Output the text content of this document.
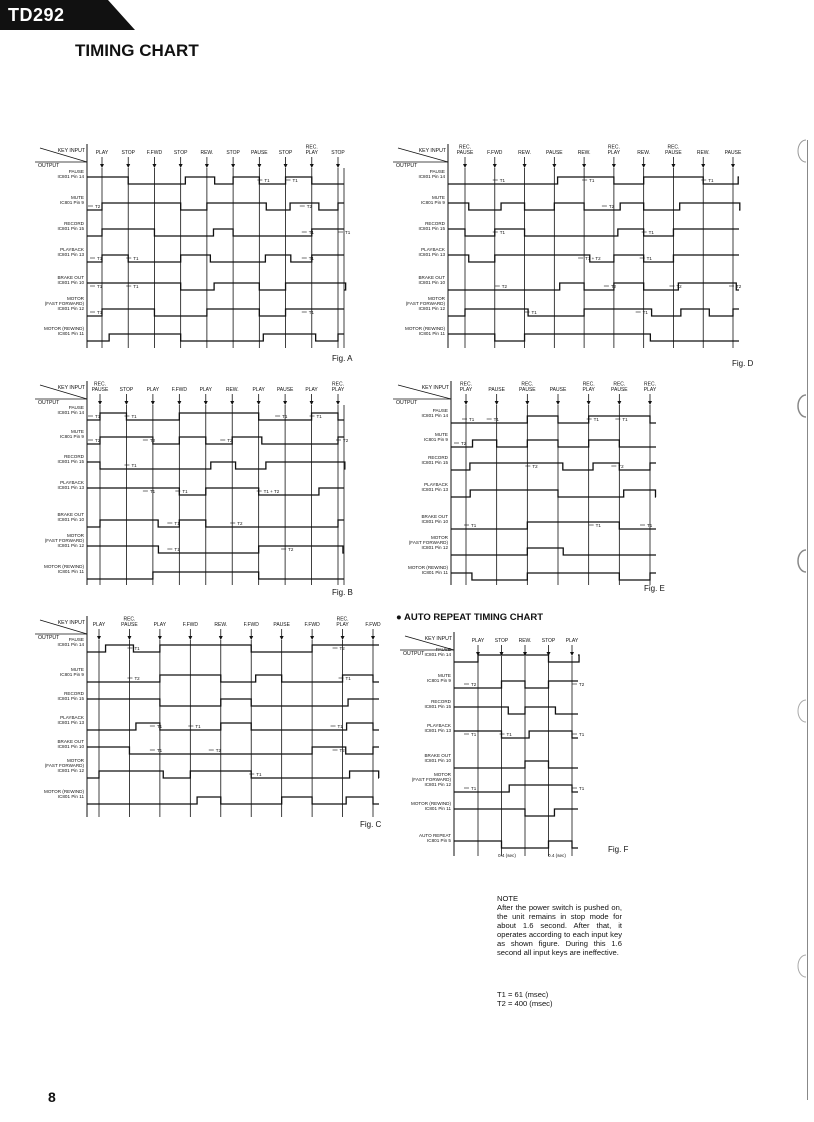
TD292
TIMING CHART
KEY INPUT
OUTPUT
PLAY	STOP F.FWD STOP	REW.	STOP PAUSE STOP
REC.
PLAY	STOP
PAUSE
IC801 Pin 14
MUTE
IC801 Pin 9
RECORD
IC801 Pin 15
PLAYBACK
IC801 Pin 13
BRAKE OUT
IC801 Pin 10
MOTOR
(FAST FORWARD)
IC801 Pin 12
MOTOR (REWIND)
IC801 Pin 11
T1	T1
T2	T2
T1	T1
T1	T1	T1
T1	T1
T1	T1
Fig. A
KEY INPUT
OUTPUT
REC.
PAUSE	F.FWD	REW.	PAUSE	REW.
REC.
PLAY	REW.
REC.
PAUSE	REW.	PAUSE
PAUSE
IC801 Pin 14
MUTE
IC801 Pin 9
RECORD
IC801 Pin 15
PLAYBACK
IC801 Pin 13
BRAKE OUT
IC801 Pin 10
MOTOR
(FAST FORWARD)
IC801 Pin 12
MOTOR (REWIND)
IC801 Pin 11
T1	T1	T1
T2
T1	T1
T1
T1 + T2
T2	T2	T2	T2
T1	T1
Fig. D
KEY INPUT
OUTPUT
REC.
PAUSE STOP	PLAY	F.FWD	PLAY	REW.	PLAY PAUSE PLAY
REC.
PLAY
PAUSE
IC801 Pin 14
MUTE
IC801 Pin 9
RECORD
IC801 Pin 15
PLAYBACK
IC801 Pin 13
BRAKE OUT
IC801 Pin 10
MOTOR
(FAST FORWARD)
IC801 Pin 12
MOTOR (REWIND)
IC801 Pin 11
T1	T1	T1	T1
T2	T2	T2	T2
T1
T1	T1	T1 + T2
T1	T2
T1	T2
Fig. B
KEY INPUT
OUTPUT
REC.
PLAY	PAUSE
REC.
PAUSE	PAUSE
REC.
PLAY
REC.
PAUSE
REC.
PLAY
PAUSE
IC801 Pin 14
MUTE
IC801 Pin 9
RECORD
IC801 Pin 15
PLAYBACK
IC801 Pin 13
BRAKE OUT
IC801 Pin 10
MOTOR
(FAST FORWARD)
IC801 Pin 12
MOTOR (REWIND)
IC801 Pin 11
T1	T1	T1	T1
T2
T2	T2
T1	T1	T1
Fig. E
KEY INPUT
OUTPUT
PLAY
REC.
PAUSE	PLAY	F.FWD	REW.	F.FWD	PAUSE	F.FWD
REC.
PLAY	F.FWD
PAUSE
IC801 Pin 14
MUTE
IC801 Pin 9
RECORD
IC801 Pin 15
PLAYBACK
IC801 Pin 13
BRAKE OUT
IC801 Pin 10
MOTOR
(FAST FORWARD)
IC801 Pin 12
MOTOR (REWIND)
IC801 Pin 11
T1	T2
T2	T1
T1	T1	T1
T1	T2	T2
T1
Fig. C
● AUTO REPEAT TIMING CHART
KEY INPUT
OUTPUT
PLAY STOP REW. STOP PLAY
PAUSE
IC801 Pin 14
MUTE
IC801 Pin 9
RECORD
IC801 Pin 15
PLAYBACK
IC801 Pin 13
BRAKE OUT
IC801 Pin 10
MOTOR
(FAST FORWARD)
IC801 Pin 12
MOTOR (REWIND)
IC801 Pin 11
AUTO REPEAT
IC801 Pin 5
T2	T2
T1	T1	T1
T1	T1
0.4 (sec)	0.4 (sec)
Fig. F
NOTE
After the power switch is pushed on, the unit remains in stop mode for about 1.6 second. After that, it operates according to each input key as shown figure. During this 1.6 second all input keys are ineffective.
T1 = 61 (msec)
T2 = 400 (msec)
8
